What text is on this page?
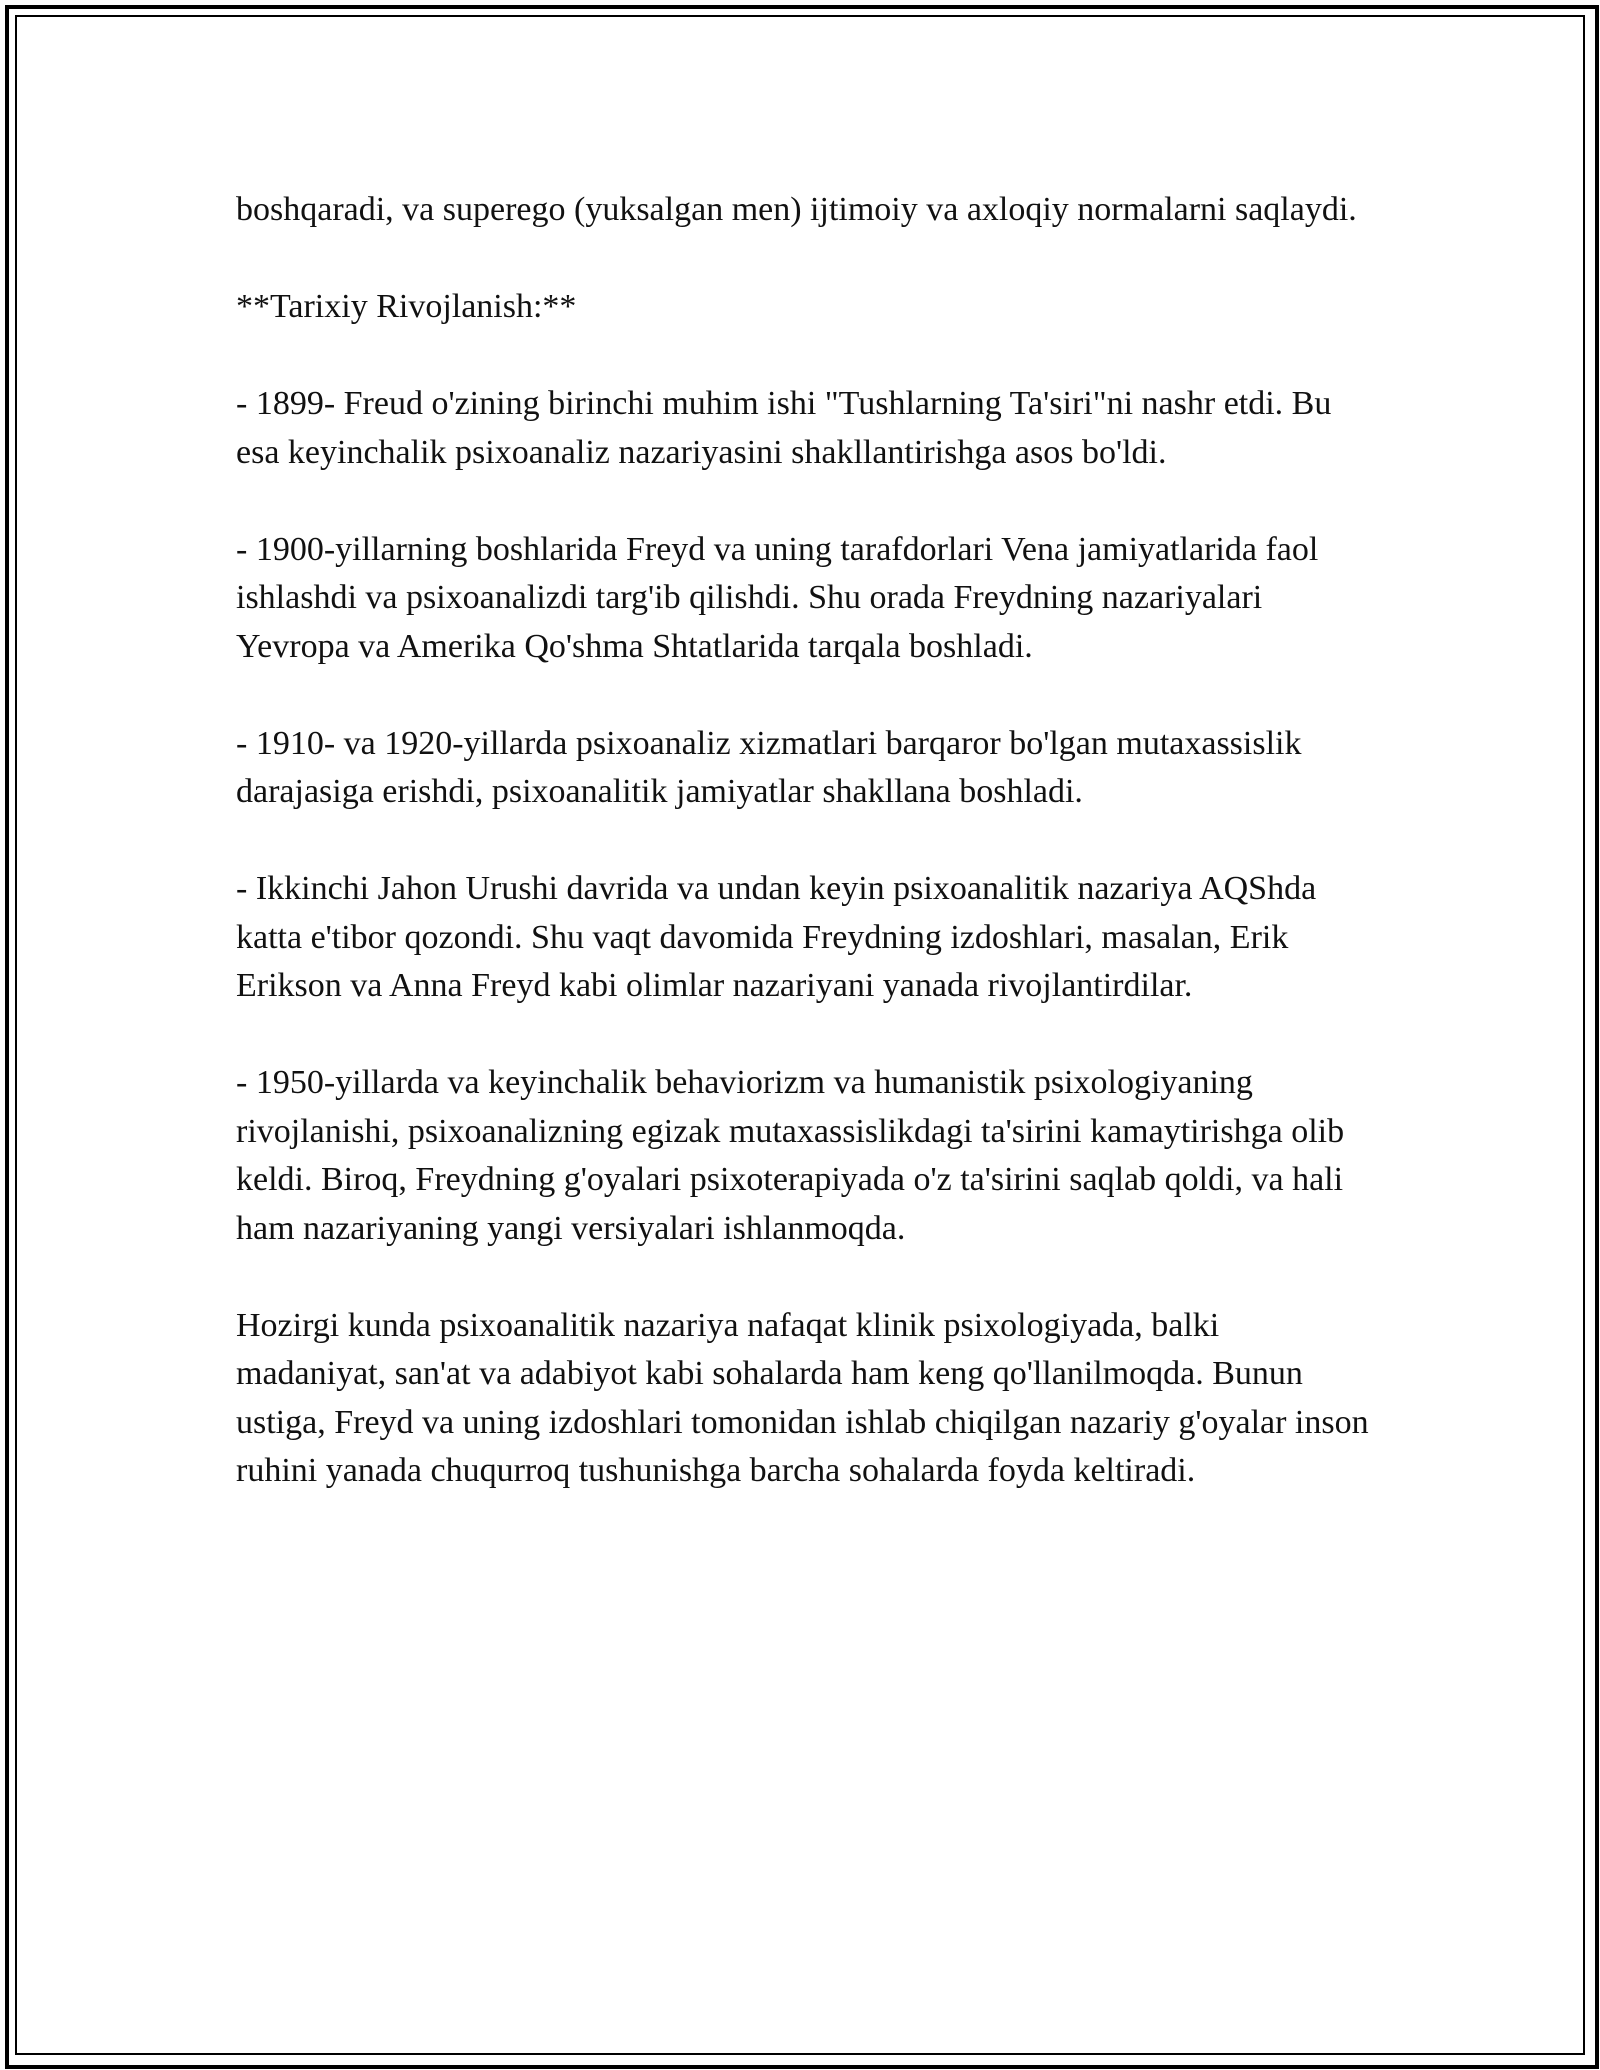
boshqaradi, va superego (yuksalgan men) ijtimoiy va axloqiy normalarni saqlaydi.

**Tarixiy Rivojlanish:**

- 1899- Freud o'zining birinchi muhim ishi "Tushlarning Ta'siri"ni nashr etdi. Bu esa keyinchalik psixoanaliz nazariyasini shakllantirishga asos bo'ldi.

- 1900-yillarning boshlarida Freyd va uning tarafdorlari Vena jamiyatlarida faol ishlashdi va psixoanalizdi targ'ib qilishdi. Shu orada Freydning nazariyalari Yevropa va Amerika Qo'shma Shtatlarida tarqala boshladi.

- 1910- va 1920-yillarda psixoanaliz xizmatlari barqaror bo'lgan mutaxassislik darajasiga erishdi, psixoanalitik jamiyatlar shakllana boshladi.

- Ikkinchi Jahon Urushi davrida va undan keyin psixoanalitik nazariya AQShda katta e'tibor qozondi. Shu vaqt davomida Freydning izdoshlari, masalan, Erik Erikson va Anna Freyd kabi olimlar nazariyani yanada rivojlantirdilar.

- 1950-yillarda va keyinchalik behaviorizm va humanistik psixologiyaning rivojlanishi, psixoanalizning egizak mutaxassislikdagi ta'sirini kamaytirishga olib keldi. Biroq, Freydning g'oyalari psixoterapiyada o'z ta'sirini saqlab qoldi, va hali ham nazariyaning yangi versiyalari ishlanmoqda.

Hozirgi kunda psixoanalitik nazariya nafaqat klinik psixologiyada, balki madaniyat, san'at va adabiyot kabi sohalarda ham keng qo'llanilmoqda. Bunun ustiga, Freyd va uning izdoshlari tomonidan ishlab chiqilgan nazariy g'oyalar inson ruhini yanada chuqurroq tushunishga barcha sohalarda foyda keltiradi.
